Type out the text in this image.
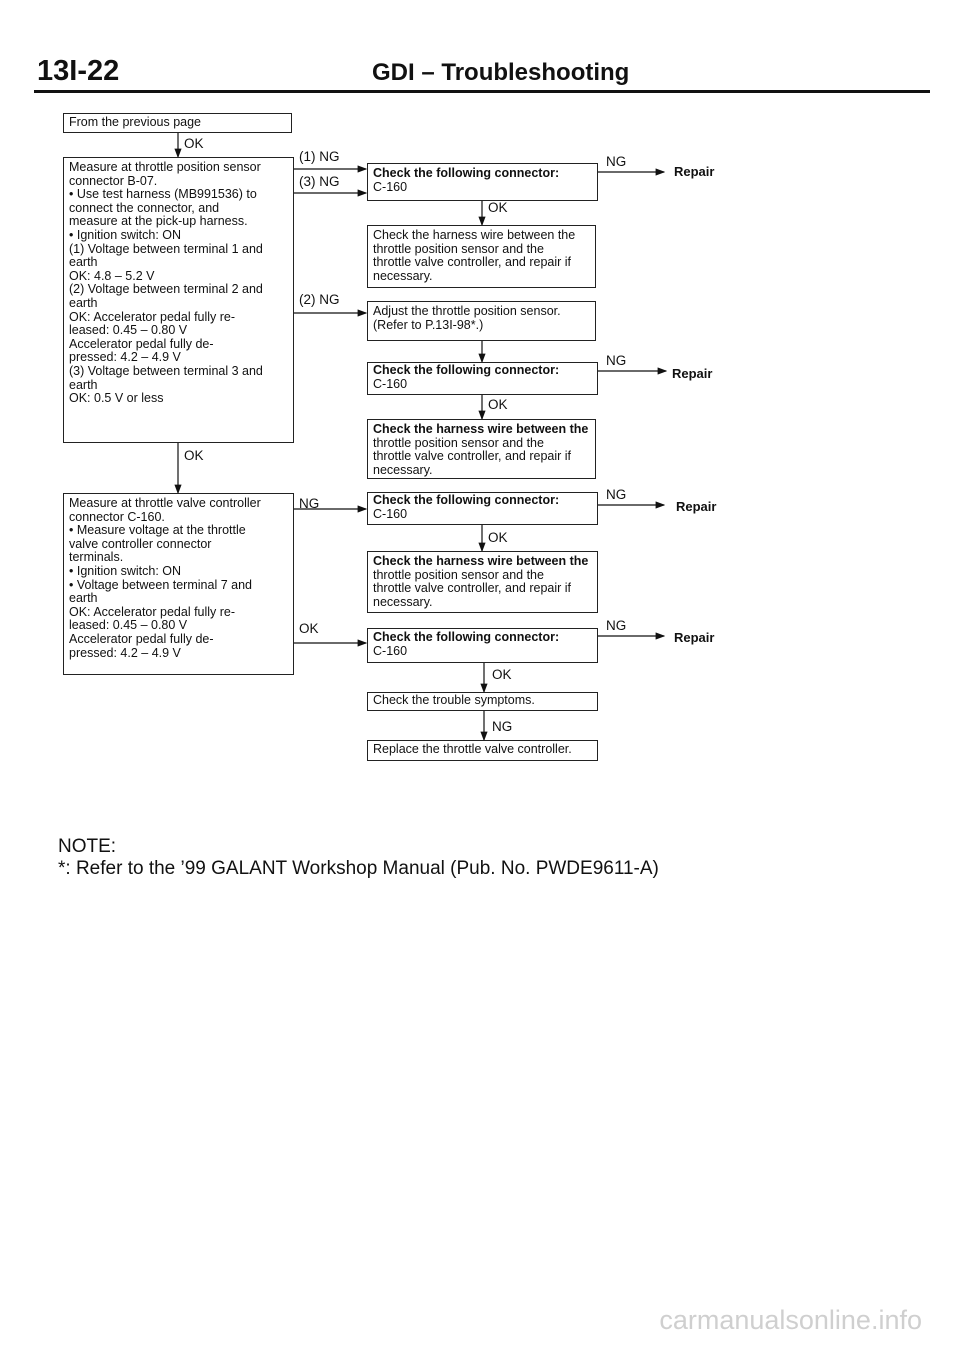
13I-22	GDI – Troubleshooting
From the previous page
OK
Measure at throttle position sensor
connector B-07.
• Use test harness (MB991536) to
connect the connector, and
measure at the pick-up harness.
• Ignition switch: ON
(1) Voltage between terminal 1 and
earth
OK: 4.8 – 5.2 V
(2) Voltage between terminal 2 and
earth
OK: Accelerator pedal fully re-
leased: 0.45 – 0.80 V
Accelerator pedal fully de-
pressed: 4.2 – 4.9 V
(3) Voltage between terminal 3 and
earth
OK: 0.5 V or less
OK
Measure at throttle valve controller
connector C-160.
• Measure voltage at the throttle
valve controller connector
terminals.
• Ignition switch: ON
• Voltage between terminal 7 and
earth
OK: Accelerator pedal fully re-
leased: 0.45 – 0.80 V
Accelerator pedal fully de-
pressed: 4.2 – 4.9 V
(1) NG
(3) NG
(2) NG
NG
OK
Check the following connector:
C-160
NG
Repair
OK
Check the harness wire between the
throttle position sensor and the
throttle valve controller, and repair if
necessary.
Adjust the throttle position sensor.
(Refer to P.13I-98*.)
Check the following connector:
C-160
NG
Repair
OK
Check the harness wire between the
throttle position sensor and the
throttle valve controller, and repair if
necessary.
Check the following connector:
C-160
NG
Repair
OK
Check the harness wire between the
throttle position sensor and the
throttle valve controller, and repair if
necessary.
Check the following connector:
C-160
NG
Repair
OK
Check the trouble symptoms.
NG
Replace the throttle valve controller.
NOTE:
*: Refer to the ’99 GALANT Workshop Manual (Pub. No. PWDE9611-A)
carmanualsonline.info
